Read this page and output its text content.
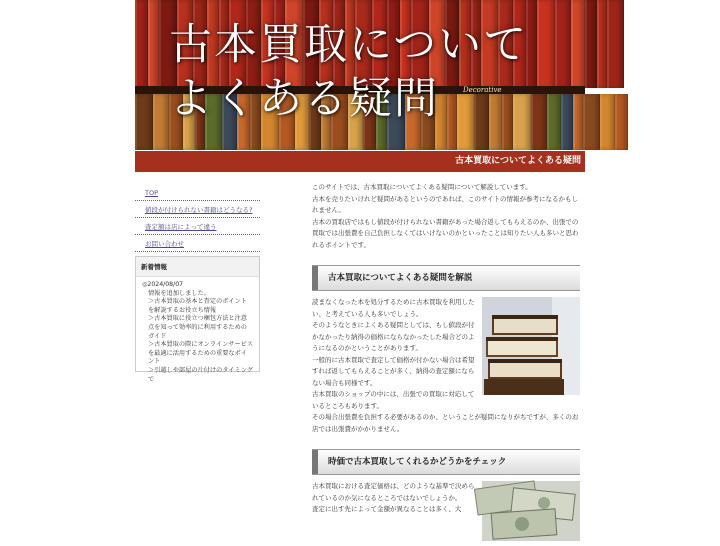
古本買取について
よくある疑問	Decorative
古本買取についてよくある疑問
TOP
値段が付けられない書籍はどうなる?
査定額は店によって違う
お問い合わせ
新着情報
◎2024/08/07
情報を追加しました。
＞古本買取の基本と査定のポイントを解説するお役立ち情報
＞古本買取に役立つ梱包方法と注意点を知って効率的に利用するためのガイド
＞古本買取の際にオンラインサービスを最適に活用するための重要なポイント
＞引越しや部屋の片付けのタイミングで

このサイトでは、古本買取についてよくある疑問について解説しています。

古本を売りたいけれど疑問があるというのであれば、このサイトの情報が参考になるかもしれません。

古本の買取店ではもし値段が付けられない書籍があった場合返してもらえるのか、出張での買取では出張費を自己負担しなくてはいけないのかといったことは知りたい人も多いと思われるポイントです。

古本買取についてよくある疑問を解説

読まなくなった本を処分するために古本買取を利用したい、と考えている人も多いでしょう。

そのようなときによくある疑問としては、もし値段が付かなかったり納得の価格にならなかったした場合どのようになるのかということがあります。

一般的に古本買取で査定して価格が付かない場合は希望すれば返してもらえることが多く、納得の査定額にならない場合も同様です。

古本買取のショップの中には、出張での買取に対応しているところもあります。

その場合出張費を負担する必要があるのか、ということが疑問になりがちですが、多くのお店では出張費がかかりません。

時価で古本買取してくれるかどうかをチェック

古本買取における査定価格は、どのような基準で決められているのか気になるところではないでしょうか。

査定に出す先によって金額が異なることは多く、大
